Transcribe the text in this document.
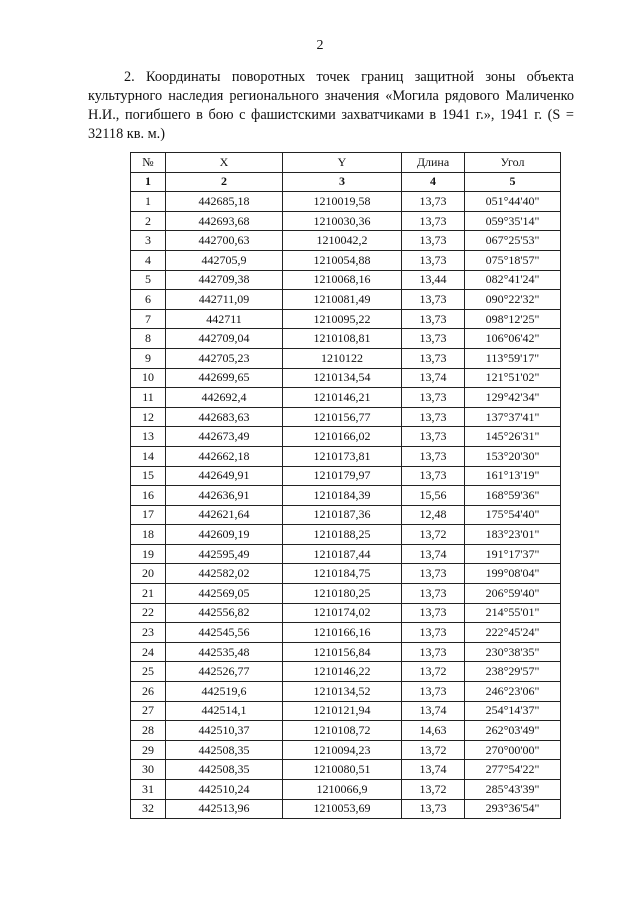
2

2. Координаты поворотных точек границ защитной зоны объекта

культурного наследия регионального значения «Могила рядового Маличенко Н.И., погибшего в бою с фашистскими захватчиками в 1941 г.», 1941 г. (S = 32118 кв. м.)

№	X	Y	Длина	Угол
1	2	3	4	5
1	442685,18	1210019,58	13,73	051°44'40"
2	442693,68	1210030,36	13,73	059°35'14"
3	442700,63	1210042,2	13,73	067°25'53"
4	442705,9	1210054,88	13,73	075°18'57"
5	442709,38	1210068,16	13,44	082°41'24"
6	442711,09	1210081,49	13,73	090°22'32"
7	442711	1210095,22	13,73	098°12'25"
8	442709,04	1210108,81	13,73	106°06'42"
9	442705,23	1210122	13,73	113°59'17"
10	442699,65	1210134,54	13,74	121°51'02"
11	442692,4	1210146,21	13,73	129°42'34"
12	442683,63	1210156,77	13,73	137°37'41"
13	442673,49	1210166,02	13,73	145°26'31"
14	442662,18	1210173,81	13,73	153°20'30"
15	442649,91	1210179,97	13,73	161°13'19"
16	442636,91	1210184,39	15,56	168°59'36"
17	442621,64	1210187,36	12,48	175°54'40"
18	442609,19	1210188,25	13,72	183°23'01"
19	442595,49	1210187,44	13,74	191°17'37"
20	442582,02	1210184,75	13,73	199°08'04"
21	442569,05	1210180,25	13,73	206°59'40"
22	442556,82	1210174,02	13,73	214°55'01"
23	442545,56	1210166,16	13,73	222°45'24"
24	442535,48	1210156,84	13,73	230°38'35"
25	442526,77	1210146,22	13,72	238°29'57"
26	442519,6	1210134,52	13,73	246°23'06"
27	442514,1	1210121,94	13,74	254°14'37"
28	442510,37	1210108,72	14,63	262°03'49"
29	442508,35	1210094,23	13,72	270°00'00"
30	442508,35	1210080,51	13,74	277°54'22"
31	442510,24	1210066,9	13,72	285°43'39"
32	442513,96	1210053,69	13,73	293°36'54"
